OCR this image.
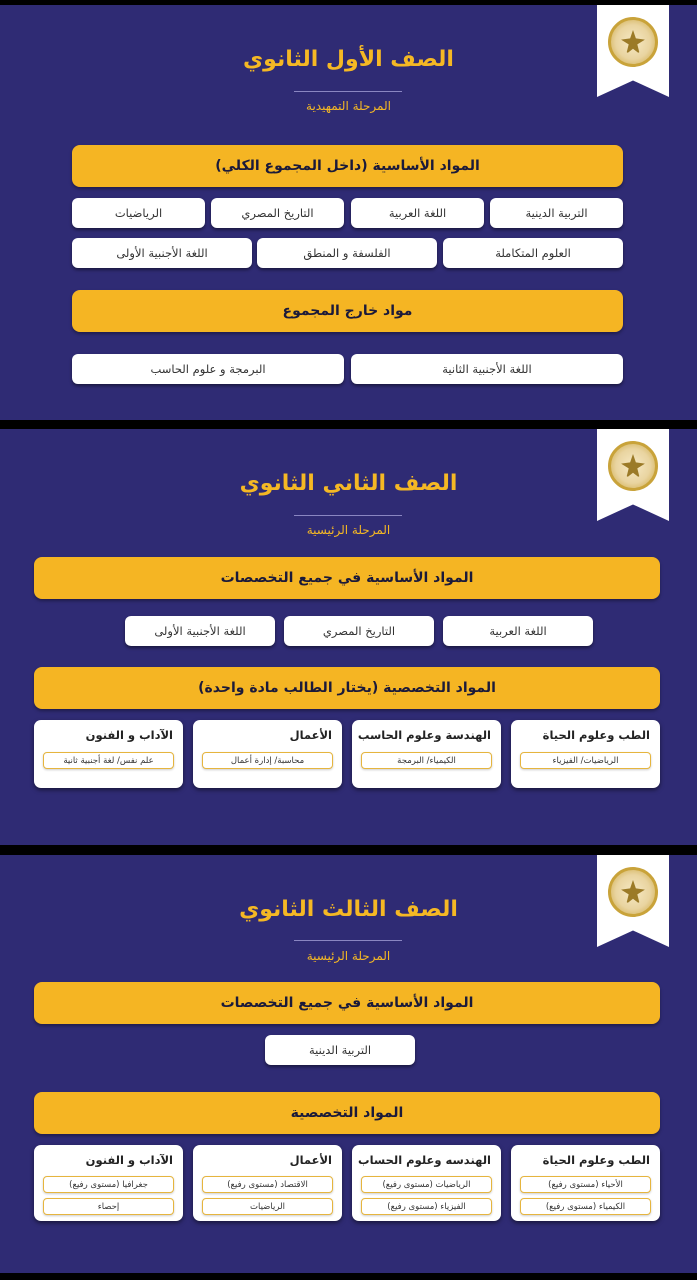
الصف الأول الثانوي
المرحلة التمهيدية
المواد الأساسية (داخل المجموع الكلي)
التربية الدينية
اللغة العربية
التاريخ المصري
الرياضيات
العلوم المتكاملة
الفلسفة و المنطق
اللغة الأجنبية الأولى
مواد خارج المجموع
اللغة الأجنبية الثانية
البرمجة و علوم الحاسب
الصف الثاني الثانوي
المرحلة الرئيسية
المواد الأساسية في جميع التخصصات
اللغة العربية
التاريخ المصري
اللغة الأجنبية الأولى
المواد التخصصية (يختار الطالب مادة واحدة)
الطب وعلوم الحياة
الرياضيات/ الفيزياء
الهندسة وعلوم الحاسب
الكيمياء/ البرمجة
الأعمال
محاسبة/ إدارة أعمال
الآداب و الفنون
علم نفس/ لغة أجنبية ثانية
الصف الثالث الثانوي
المرحلة الرئيسية
المواد الأساسية في جميع التخصصات
التربية الدينية
المواد التخصصية
الطب وعلوم الحياة
الأحياء (مستوى رفيع)
الكيمياء (مستوى رفيع)
الهندسه وعلوم الحساب
الرياضيات (مستوى رفيع)
الفيزياء (مستوى رفيع)
الأعمال
الاقتصاد (مستوى رفيع)
الرياضيات
الآداب و الفنون
جغرافيا (مستوى رفيع)
إحصاء
